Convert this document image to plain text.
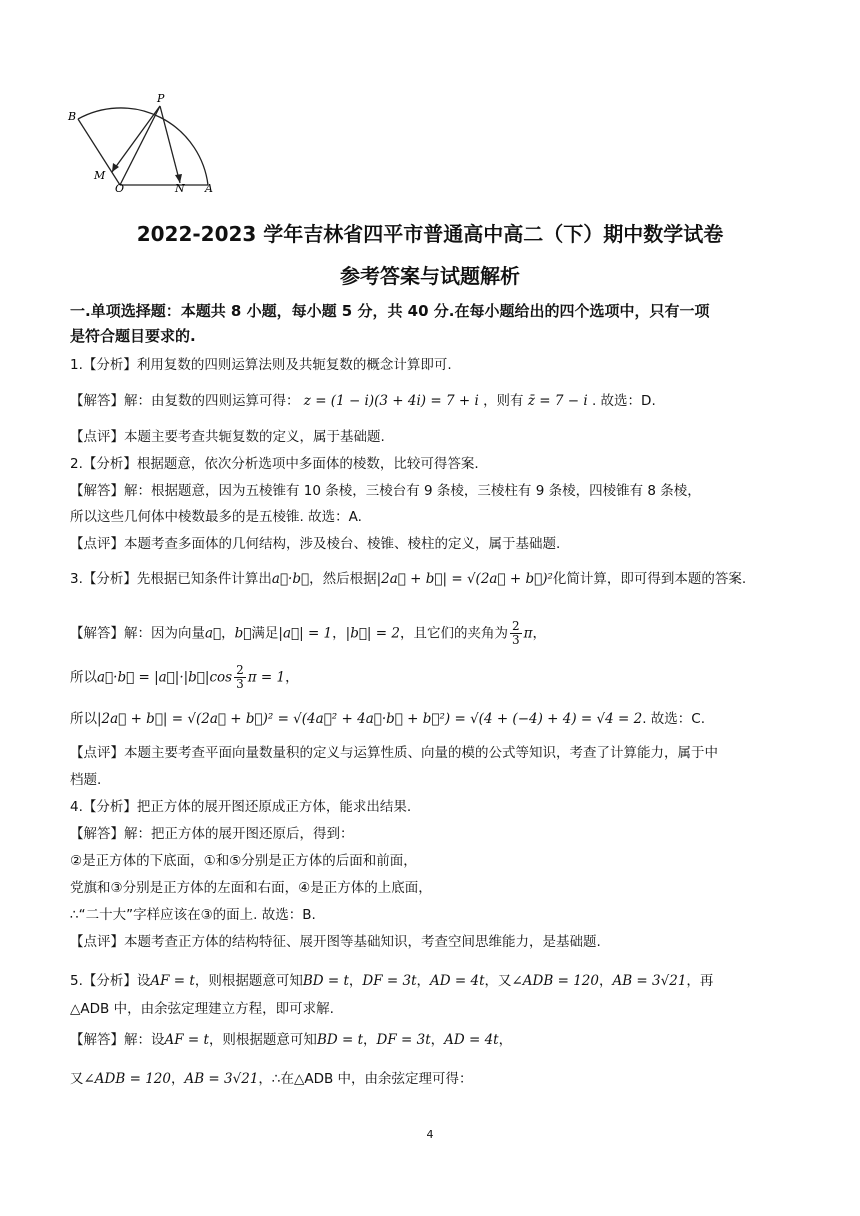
B
P
M
O	N A
2022-2023 学年吉林省四平市普通高中高二（下）期中数学试卷
参考答案与试题解析
一.单项选择题：本题共 8 小题，每小题 5 分，共 40 分.在每小题给出的四个选项中，只有一项
是符合题目要求的.
1.【分析】利用复数的四则运算法则及共轭复数的概念计算即可.
【解答】解：由复数的四则运算可得： z = (1 − i)(3 + 4i) = 7 + i ，则有 z̄ = 7 − i . 故选：D.
【点评】本题主要考查共轭复数的定义，属于基础题.
2.【分析】根据题意，依次分析选项中多面体的棱数，比较可得答案.
【解答】解：根据题意，因为五棱锥有 10 条棱，三棱台有 9 条棱，三棱柱有 9 条棱，四棱锥有 8 条棱，
所以这些几何体中棱数最多的是五棱锥. 故选：A.
【点评】本题考查多面体的几何结构，涉及棱台、棱锥、棱柱的定义，属于基础题.
3.【分析】先根据已知条件计算出a⃗·b⃗，然后根据|2a⃗ + b⃗| = √(2a⃗ + b⃗)²化简计算，即可得到本题的答案.
【解答】解：因为向量a⃗，b⃗满足|a⃗| = 1，|b⃗| = 2，且它们的夹角为 $\frac{2}{3}$ π，
所以a⃗·b⃗ = |a⃗|·|b⃗|cos $\frac{2}{3}$ π = 1，
所以|2a⃗ + b⃗| = √(2a⃗ + b⃗)² = √(4a⃗² + 4a⃗·b⃗ + b⃗²) = √(4 + (−4) + 4) = √4 = 2. 故选：C.
【点评】本题主要考查平面向量数量积的定义与运算性质、向量的模的公式等知识，考查了计算能力，属于中
档题.
4.【分析】把正方体的展开图还原成正方体，能求出结果.
【解答】解：把正方体的展开图还原后，得到：
②是正方体的下底面，①和⑤分别是正方体的后面和前面，
党旗和③分别是正方体的左面和右面，④是正方体的上底面，
∴“二十大”字样应该在③的面上. 故选：B.
【点评】本题考查正方体的结构特征、展开图等基础知识，考查空间思维能力，是基础题.
5.【分析】设AF = t，则根据题意可知BD = t，DF = 3t，AD = 4t，又∠ADB = 120，AB = 3√21，再
△ADB 中，由余弦定理建立方程，即可求解.
【解答】解：设AF = t，则根据题意可知BD = t，DF = 3t，AD = 4t，
又∠ADB = 120，AB = 3√21，∴在△ADB 中，由余弦定理可得：
4
